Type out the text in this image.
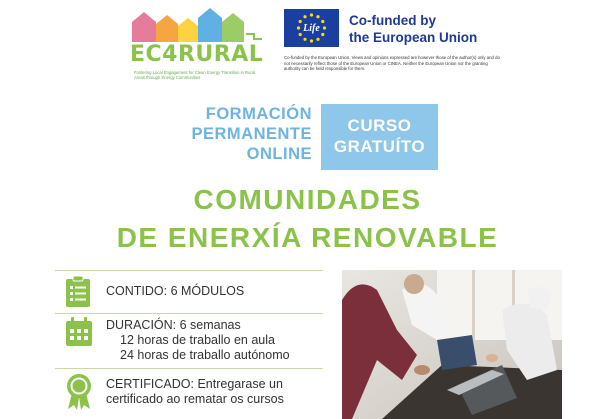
EC4RURAL
Fostering Local Engagement for Clean Energy Transition in Rural Areas through Energy Communities
Life
Co-funded by
the European Union
Co-funded by the European Union. Views and opinions expressed are however those of the author(s) only and do not necessarily reflect those of the European Union or CINEA. Neither the European Union nor the granting authority can be held responsible for them.
FORMACIÓN
PERMANENTE
ONLINE
CURSO
GRATUÍTO
COMUNIDADES
DE ENERXÍA RENOVABLE
CONTIDO: 6 MÓDULOS
DURACIÓN: 6 semanas
12 horas de traballo en aula
24 horas de traballo autónomo
CERTIFICADO: Entregarase un
certificado ao rematar os cursos
